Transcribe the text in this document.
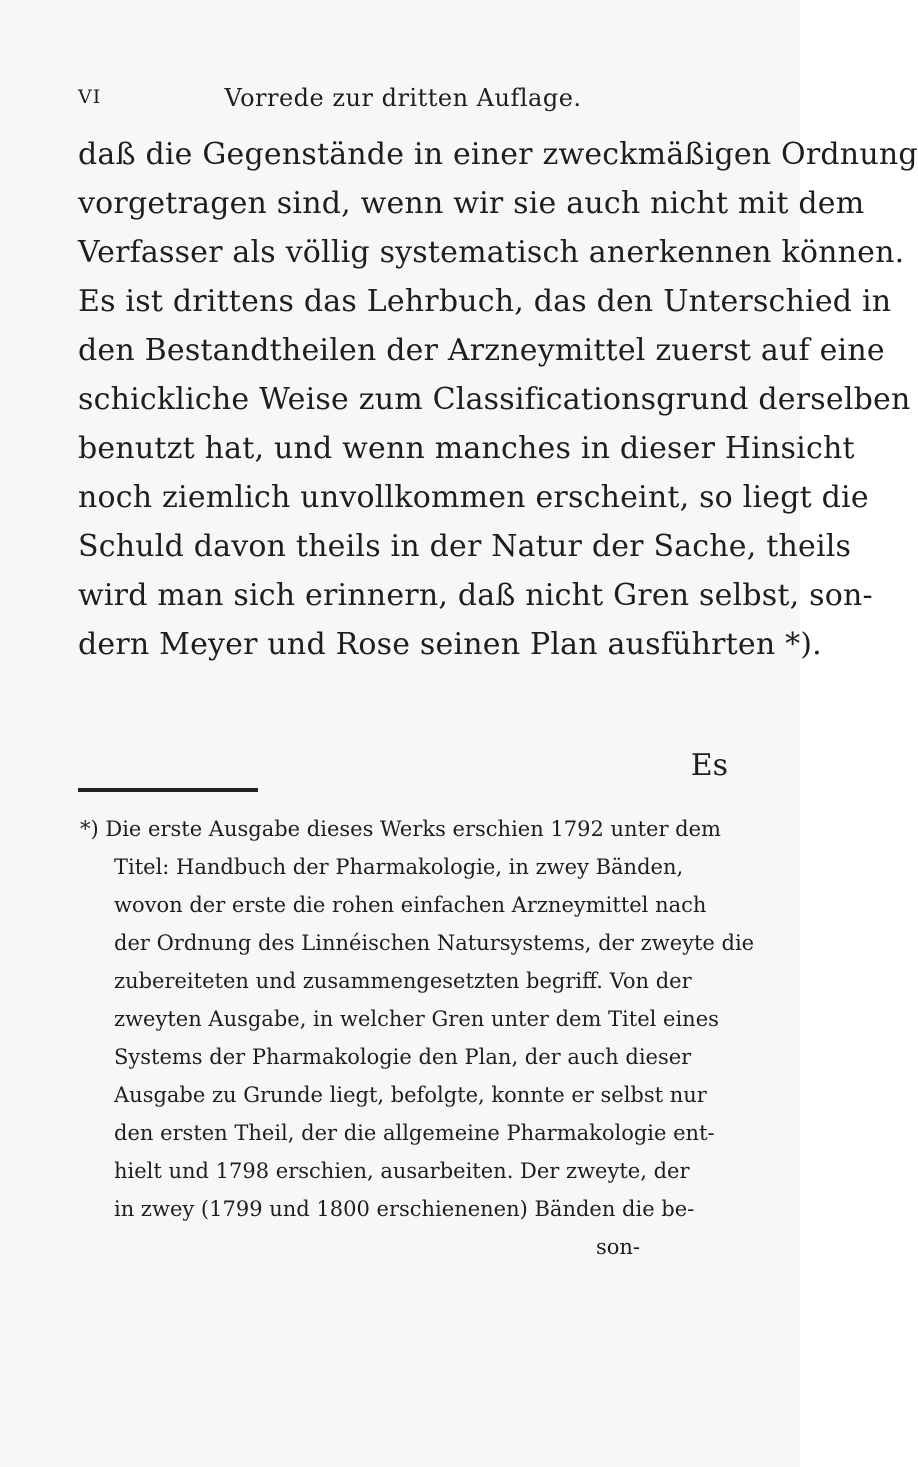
VI	Vorrede zur dritten Auflage.
daß die Gegenstände in einer zweckmäßigen Ordnung
vorgetragen sind, wenn wir sie auch nicht mit dem
Verfasser als völlig systematisch anerkennen können.
Es ist drittens das Lehrbuch, das den Unterschied in
den Bestandtheilen der Arzneymittel zuerst auf eine
schickliche Weise zum Classificationsgrund derselben
benutzt hat, und wenn manches in dieser Hinsicht
noch ziemlich unvollkommen erscheint, so liegt die
Schuld davon theils in der Natur der Sache, theils
wird man sich erinnern, daß nicht Gren selbst, son-
dern Meyer und Rose seinen Plan ausführten *).
Es
*) Die erste Ausgabe dieses Werks erschien 1792 unter dem
Titel: Handbuch der Pharmakologie, in zwey Bänden,
wovon der erste die rohen einfachen Arzneymittel nach
der Ordnung des Linnéischen Natursystems, der zweyte die
zubereiteten und zusammengesetzten begriff. Von der
zweyten Ausgabe, in welcher Gren unter dem Titel eines
Systems der Pharmakologie den Plan, der auch dieser
Ausgabe zu Grunde liegt, befolgte, konnte er selbst nur
den ersten Theil, der die allgemeine Pharmakologie ent-
hielt und 1798 erschien, ausarbeiten. Der zweyte, der
in zwey (1799 und 1800 erschienenen) Bänden die be-
son-
